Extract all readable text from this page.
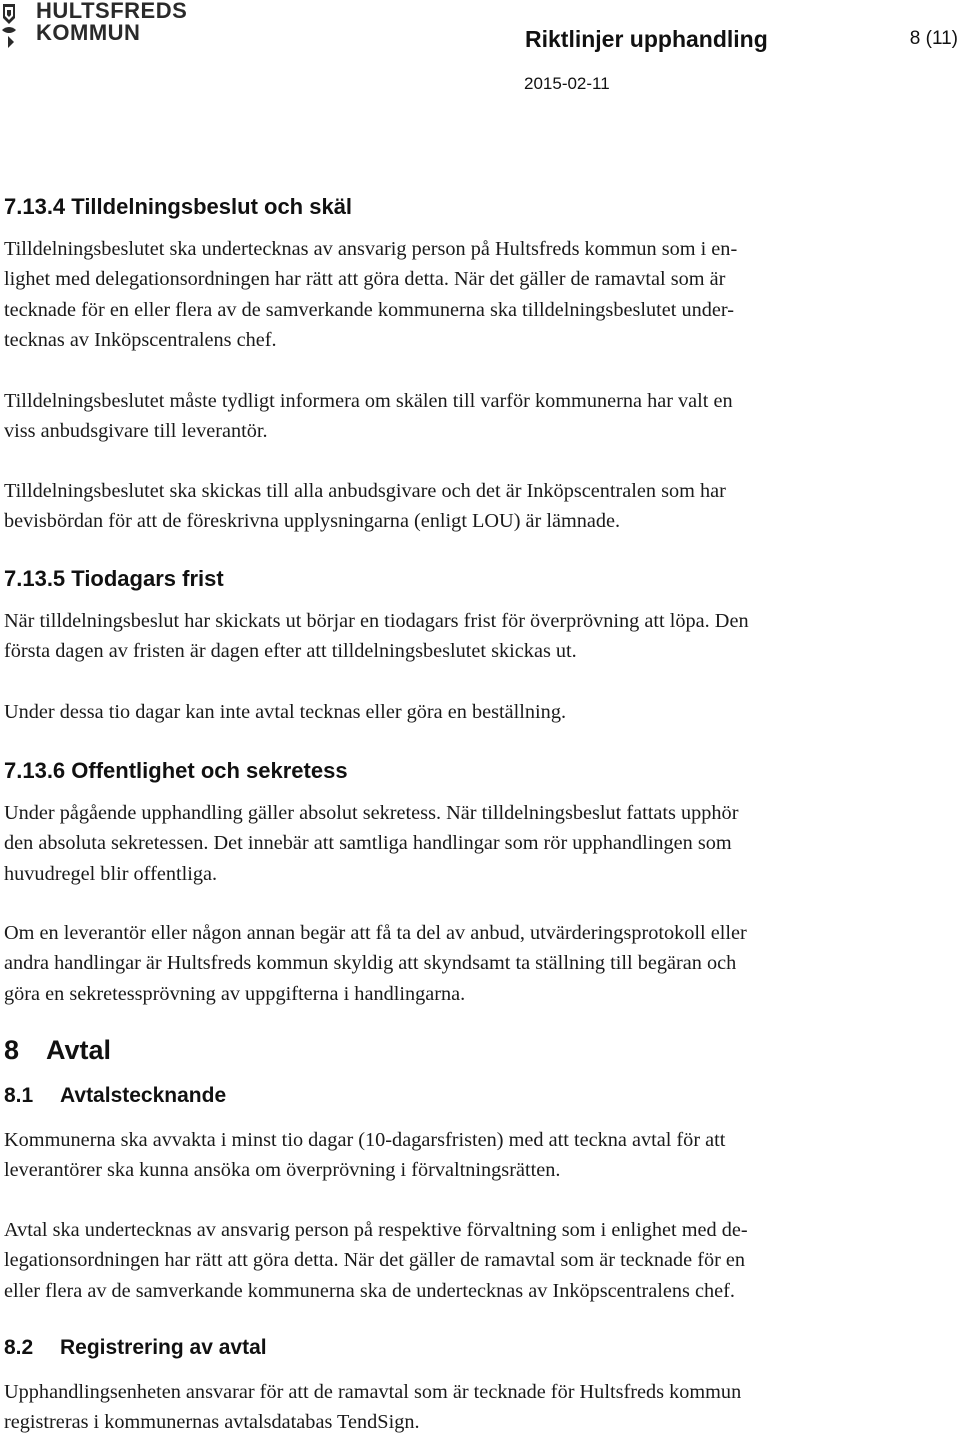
HULTSFREDS
KOMMUN	Riktlinjer upphandling	8 (11)
2015-02-11
7.13.4 Tilldelningsbeslut och skäl
Tilldelningsbeslutet ska undertecknas av ansvarig person på Hultsfreds kommun som i en-
lighet med delegationsordningen har rätt att göra detta. När det gäller de ramavtal som är
tecknade för en eller flera av de samverkande kommunerna ska tilldelningsbeslutet under-
tecknas av Inköpscentralens chef.
Tilldelningsbeslutet måste tydligt informera om skälen till varför kommunerna har valt en
viss anbudsgivare till leverantör.
Tilldelningsbeslutet ska skickas till alla anbudsgivare och det är Inköpscentralen som har
bevisbördan för att de föreskrivna upplysningarna (enligt LOU) är lämnade.
7.13.5 Tiodagars frist
När tilldelningsbeslut har skickats ut börjar en tiodagars frist för överprövning att löpa. Den
första dagen av fristen är dagen efter att tilldelningsbeslutet skickas ut.
Under dessa tio dagar kan inte avtal tecknas eller göra en beställning.
7.13.6 Offentlighet och sekretess
Under pågående upphandling gäller absolut sekretess. När tilldelningsbeslut fattats upphör
den absoluta sekretessen. Det innebär att samtliga handlingar som rör upphandlingen som
huvudregel blir offentliga.
Om en leverantör eller någon annan begär att få ta del av anbud, utvärderingsprotokoll eller
andra handlingar är Hultsfreds kommun skyldig att skyndsamt ta ställning till begäran och
göra en sekretessprövning av uppgifterna i handlingarna.
8 Avtal
8.1 Avtalstecknande
Kommunerna ska avvakta i minst tio dagar (10-dagarsfristen) med att teckna avtal för att
leverantörer ska kunna ansöka om överprövning i förvaltningsrätten.
Avtal ska undertecknas av ansvarig person på respektive förvaltning som i enlighet med de-
legationsordningen har rätt att göra detta. När det gäller de ramavtal som är tecknade för en
eller flera av de samverkande kommunerna ska de undertecknas av Inköpscentralens chef.
8.2 Registrering av avtal
Upphandlingsenheten ansvarar för att de ramavtal som är tecknade för Hultsfreds kommun
registreras i kommunernas avtalsdatabas TendSign.
